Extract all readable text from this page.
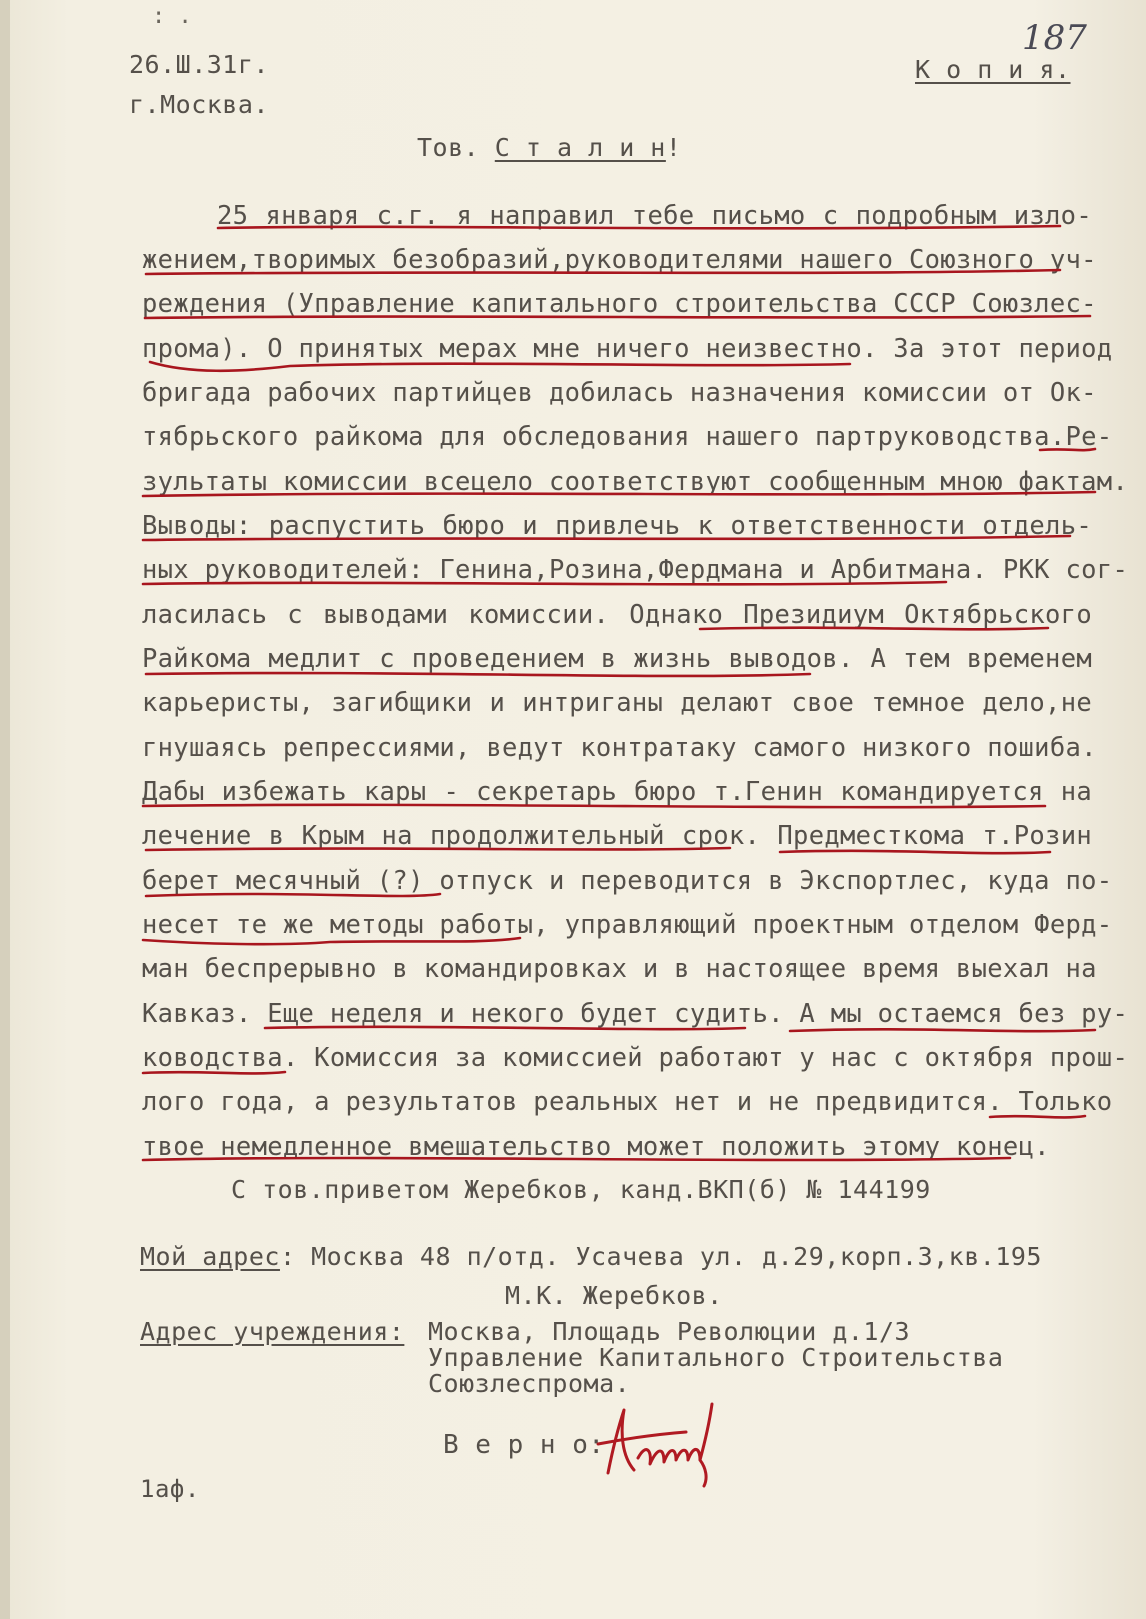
: .
26.Ш.31г.
г.Москва.
К о п и я.
187
Тов. С т а л и н!
25 января с.г. я направил тебе письмо с подробным изло-
жением,творимых безобразий,руководителями нашего Союзного уч-
реждения (Управление капитального строительства СССР Союзлес-
прома). О принятых мерах мне ничего неизвестно. За этот период
бригада рабочих партийцев добилась назначения комиссии от Ок-
тябрьского райкома для обследования нашего партруководства.Ре-
зультаты комиссии всецело соответствуют сообщенным мною фактам.
Выводы: распустить бюро и привлечь к ответственности отдель-
ных руководителей: Генина,Розина,Фердмана и Арбитмана. РКК сог-
ласилась с выводами комиссии. Однако Президиум Октябрьского
Райкома медлит с проведением в жизнь выводов. А тем временем
карьеристы, загибщики и интриганы делают свое темное дело,не
гнушаясь репрессиями, ведут контратаку самого низкого пошиба.
Дабы избежать кары - секретарь бюро т.Генин командируется на
лечение в Крым на продолжительный срок. Предместкома т.Розин
берет месячный (?) отпуск и переводится в Экспортлес, куда по-
несет те же методы работы, управляющий проектным отделом Ферд-
ман беспрерывно в командировках и в настоящее время выехал на
Кавказ. Еще неделя и некого будет судить. А мы остаемся без ру-
ководства. Комиссия за комиссией работают у нас с октября прош-
лого года, а результатов реальных нет и не предвидится. Только
твое немедленное вмешательство может положить этому конец.
С тов.приветом Жеребков, канд.ВКП(б) № 144199
Мой адрес: Москва 48 п/отд. Усачева ул. д.29,корп.3,кв.195
М.К. Жеребков.
Адрес учреждения: Москва, Площадь Революции д.1/3
Управление Капитального Строительства
Союзлеспрома.
В е р н о:
1аф.
